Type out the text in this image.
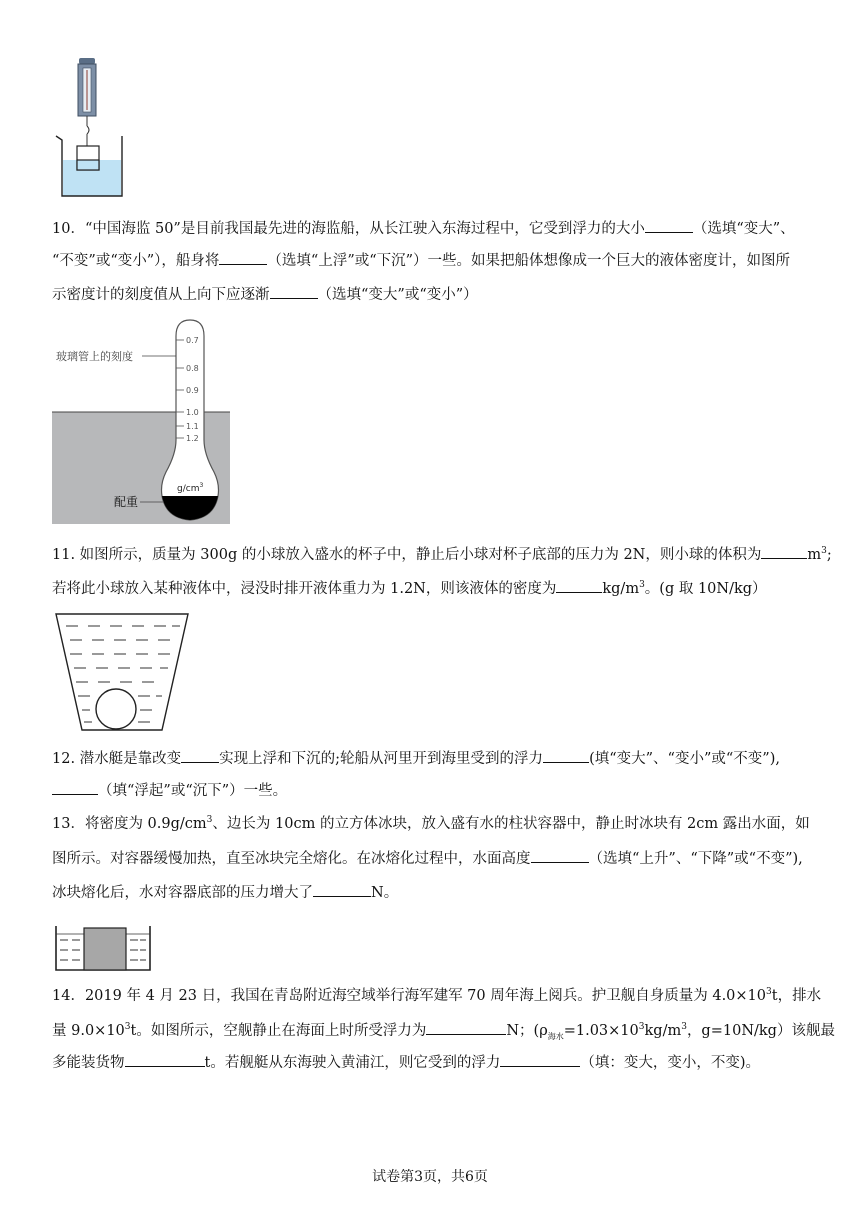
10．“中国海监 50”是目前我国最先进的海监船，从长江驶入东海过程中，它受到浮力的大小	（选填“变大”、
“不变”或“变小”），船身将	（选填“上浮”或“下沉”）一些。如果把船体想像成一个巨大的液体密度计，如图所
示密度计的刻度值从上向下应逐渐	（选填“变大”或“变小”）
0.7
0.8
0.9
1.0
1.1
1.2
$g/cm^3$
玻璃管上的刻度
配重
11. 如图所示，质量为 300g 的小球放入盛水的杯子中，静止后小球对杯子底部的压力为 2N，则小球的体积为	$m^3$;
若将此小球放入某种液体中，浸没时排开液体重力为 1.2N，则该液体的密度为	$kg/m^3$。(g 取 10N/kg）
12. 潜水艇是靠改变	实现上浮和下沉的;轮船从河里开到海里受到的浮力	(填“变大”、“变小”或“不变”),
（填“浮起”或“沉下”）一些。
13．将密度为 $0.9g/cm^3$、边长为 10cm 的立方体冰块，放入盛有水的柱状容器中，静止时冰块有 2cm 露出水面，如
图所示。对容器缓慢加热，直至冰块完全熔化。在冰熔化过程中，水面高度	（选填“上升”、“下降”或“不变”),
冰块熔化后，水对容器底部的压力增大了	N。
14．2019 年 4 月 23 日，我国在青岛附近海空域举行海军建军 70 周年海上阅兵。护卫舰自身质量为 $4.0\times 10^3t$，排水
量 $9.0\times 10^3t$。如图所示，空舰静止在海面上时所受浮力为	N；($\rho_{海水}=1.03\times 10^3kg/m^3$，g=10N/kg）该舰最
多能装货物	t。若舰艇从东海驶入黄浦江，则它受到的浮力	（填：变大，变小，不变)。
试卷第3页，共6页
